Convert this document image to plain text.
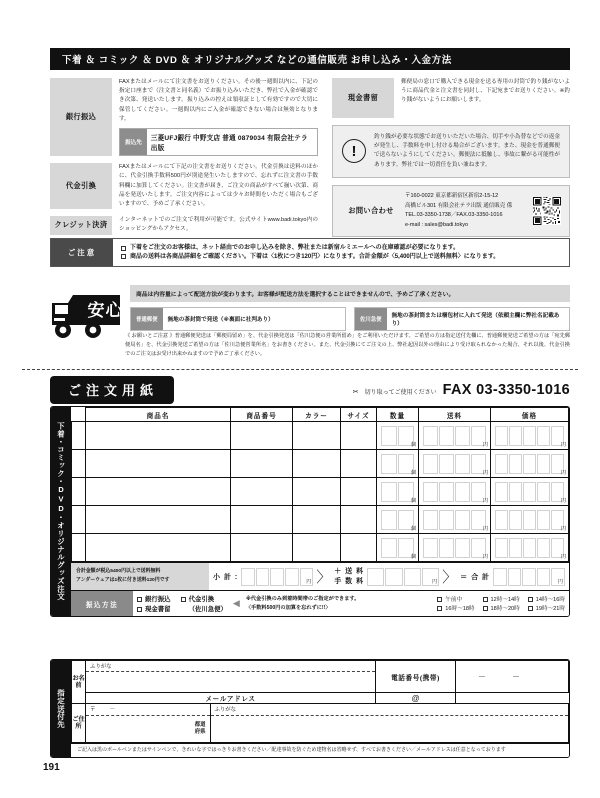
下着 ＆ コミック ＆ DVD ＆ オリジナルグッズ などの通信販売 お申し込み・入金方法
銀行振込
FAXまたはメールにて注文書をお送りください。その後一週間以内に、下記の指定口座まで（注文書と同名義）でお振り込みいただき、弊社で入金が確認でき次第、発送いたします。振り込みの控えは領収証として有効ですので大切に保管してください。一週間以内にご入金が確認できない場合は無効となります。
振込先
三菱UFJ銀行 中野支店 普通 0879034 有限会社テラ出版
代金引換
FAXまたはメールにて下記の注文書をお送りください。代金引換は送料のほかに、代金引換手数料500円が別途発生いたしますので、忘れずに注文書の手数料欄に加算してください。注文書が届き、ご注文の商品がすべて揃い次第、商品を発送いたします。ご注文内容によっては少々お時間をいただく場合もございますので、予めご了承ください。
クレジット決済
インターネットでのご注文で利用が可能です。公式サイトwww.badi.tokyo内のショッピングからアクセス。
現金書留
郵便局の窓口で購入できる現金を送る専用の封筒で釣り銭がないように商品代金と注文書を同封し、下記宛までお送りください。※釣り銭がないようにお願いします。
!
釣り銭が必要な状態でお送りいただいた場合、切手や小為替などでの返金が発生し、手数料を申し付ける場合がございます。また、現金を普通郵便で送らないようにしてください。郵便法に抵触し、事故に繋がる可能性があります。弊社では一切責任を負い兼ねます。
お問い合わせ
〒160-0022 東京都新宿区新宿2-15-12
高橋ビル301 有限会社テラ出版 通信販売 係
TEL.03-3350-1738／FAX.03-3350-1016
e-mail : sales@badi.tokyo
ご注意
下着をご注文のお客様は、ネット経由でのお申し込みを除き、弊社または新宿ルミエールへの在庫確認が必要になります。
商品の送料は各商品詳細をご確認ください。下着は〈1枚につき120円〉になります。合計金額が〈5,400円以上で送料無料〉になります。
安 心
商品は内容量によって配送方法が変わります。お客様が配送方法を選択することはできませんので、予めご了承ください。
普通郵便	無地の茶封筒で発送（※裏面に社判あり）	佐川急便
無地の茶封筒または梱包材に入れて発送（依頼主欄に弊社名記載あり）
《 お願いとご注意 》普通郵便発送は「郵便局留め」を、代金引換発送は「佐川急便の営業所留め」をご利用いただけます。ご希望の方は指定送付先欄に、普通郵便発送ご希望の方は「宛先郵便局名」を、代金引換発送ご希望の方は「佐川急便営業所名」をお書きください。また、代金引換にてご注文の上、弊社起因以外の理由により受け取られなかった場合、それ以後、代金引換でのご注文はお受け出来かねますので予めご了承ください。
ご注文用紙	✂ 切り取ってご使用ください FAX 03-3350-1016
下着・コミック・DVD・オリジナルグッズ注文
	商品名	商品番号	カラー	サイズ	数量	送料	価格
1					個	円	円

2					個	円	円

3					個	円	円

4					個	円	円

5					個	円	円
合計金額が税込5400円以上で送料無料
アンダーウェアは1枚に付き送料120円です	小 計 :
円 〉 ＋ 送 料
手 数 料	円 〉 ＝ 合 計
円
振込方法
銀行振込	代金引換
現金書留	（佐川急便）
◀ ※代金引換のみ到着時間帯のご指定ができます。
〈手数料500円の加算を忘れずに!!〉
午前中	12時〜14時	14時〜16時
16時〜18時	18時〜20時	19時〜21時
指定送付先
お名前	
ふりがな
	電話番号(携帯)	－－
メールアドレス	@
ご住所	
〒	－	ふりがな

都道
府県	
ご記入は黒のボールペンまたはサインペンで、きれいな字ではっきりお書きください／配達事故を防ぐため建物名は省略せず、すべてお書きください／メールアドレスは任意となっております
191
